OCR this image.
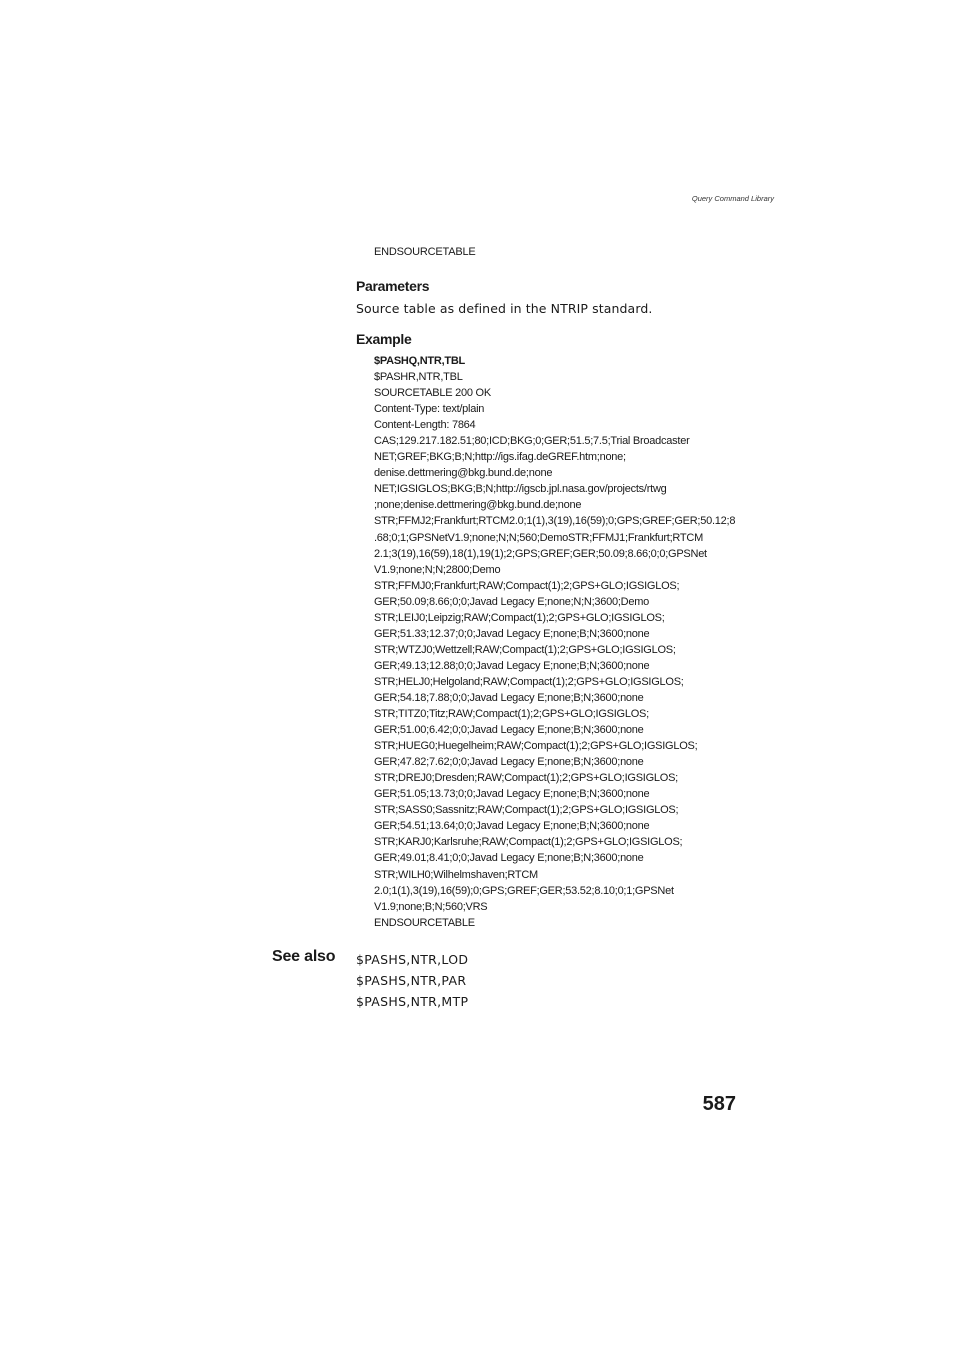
Query Command Library
ENDSOURCETABLE
Parameters
Source table as defined in the NTRIP standard.
Example
$PASHQ,NTR,TBL
$PASHR,NTR,TBL
SOURCETABLE 200 OK
Content-Type: text/plain
Content-Length: 7864
CAS;129.217.182.51;80;ICD;BKG;0;GER;51.5;7.5;Trial Broadcaster
NET;GREF;BKG;B;N;http://igs.ifag.deGREF.htm;none;
denise.dettmering@bkg.bund.de;none
NET;IGSIGLOS;BKG;B;N;http://igscb.jpl.nasa.gov/projects/rtwg
;none;denise.dettmering@bkg.bund.de;none
STR;FFMJ2;Frankfurt;RTCM2.0;1(1),3(19),16(59);0;GPS;GREF;GER;50.12;8
.68;0;1;GPSNetV1.9;none;N;N;560;DemoSTR;FFMJ1;Frankfurt;RTCM
2.1;3(19),16(59),18(1),19(1);2;GPS;GREF;GER;50.09;8.66;0;0;GPSNet
V1.9;none;N;N;2800;Demo
STR;FFMJ0;Frankfurt;RAW;Compact(1);2;GPS+GLO;IGSIGLOS;
GER;50.09;8.66;0;0;Javad Legacy E;none;N;N;3600;Demo
STR;LEIJ0;Leipzig;RAW;Compact(1);2;GPS+GLO;IGSIGLOS;
GER;51.33;12.37;0;0;Javad Legacy E;none;B;N;3600;none
STR;WTZJ0;Wettzell;RAW;Compact(1);2;GPS+GLO;IGSIGLOS;
GER;49.13;12.88;0;0;Javad Legacy E;none;B;N;3600;none
STR;HELJ0;Helgoland;RAW;Compact(1);2;GPS+GLO;IGSIGLOS;
GER;54.18;7.88;0;0;Javad Legacy E;none;B;N;3600;none
STR;TITZ0;Titz;RAW;Compact(1);2;GPS+GLO;IGSIGLOS;
GER;51.00;6.42;0;0;Javad Legacy E;none;B;N;3600;none
STR;HUEG0;Huegelheim;RAW;Compact(1);2;GPS+GLO;IGSIGLOS;
GER;47.82;7.62;0;0;Javad Legacy E;none;B;N;3600;none
STR;DREJ0;Dresden;RAW;Compact(1);2;GPS+GLO;IGSIGLOS;
GER;51.05;13.73;0;0;Javad Legacy E;none;B;N;3600;none
STR;SASS0;Sassnitz;RAW;Compact(1);2;GPS+GLO;IGSIGLOS;
GER;54.51;13.64;0;0;Javad Legacy E;none;B;N;3600;none
STR;KARJ0;Karlsruhe;RAW;Compact(1);2;GPS+GLO;IGSIGLOS;
GER;49.01;8.41;0;0;Javad Legacy E;none;B;N;3600;none
STR;WILH0;Wilhelmshaven;RTCM
2.0;1(1),3(19),16(59);0;GPS;GREF;GER;53.52;8.10;0;1;GPSNet
V1.9;none;B;N;560;VRS
ENDSOURCETABLE
See also $PASHS,NTR,LOD
$PASHS,NTR,PAR
$PASHS,NTR,MTP
587
